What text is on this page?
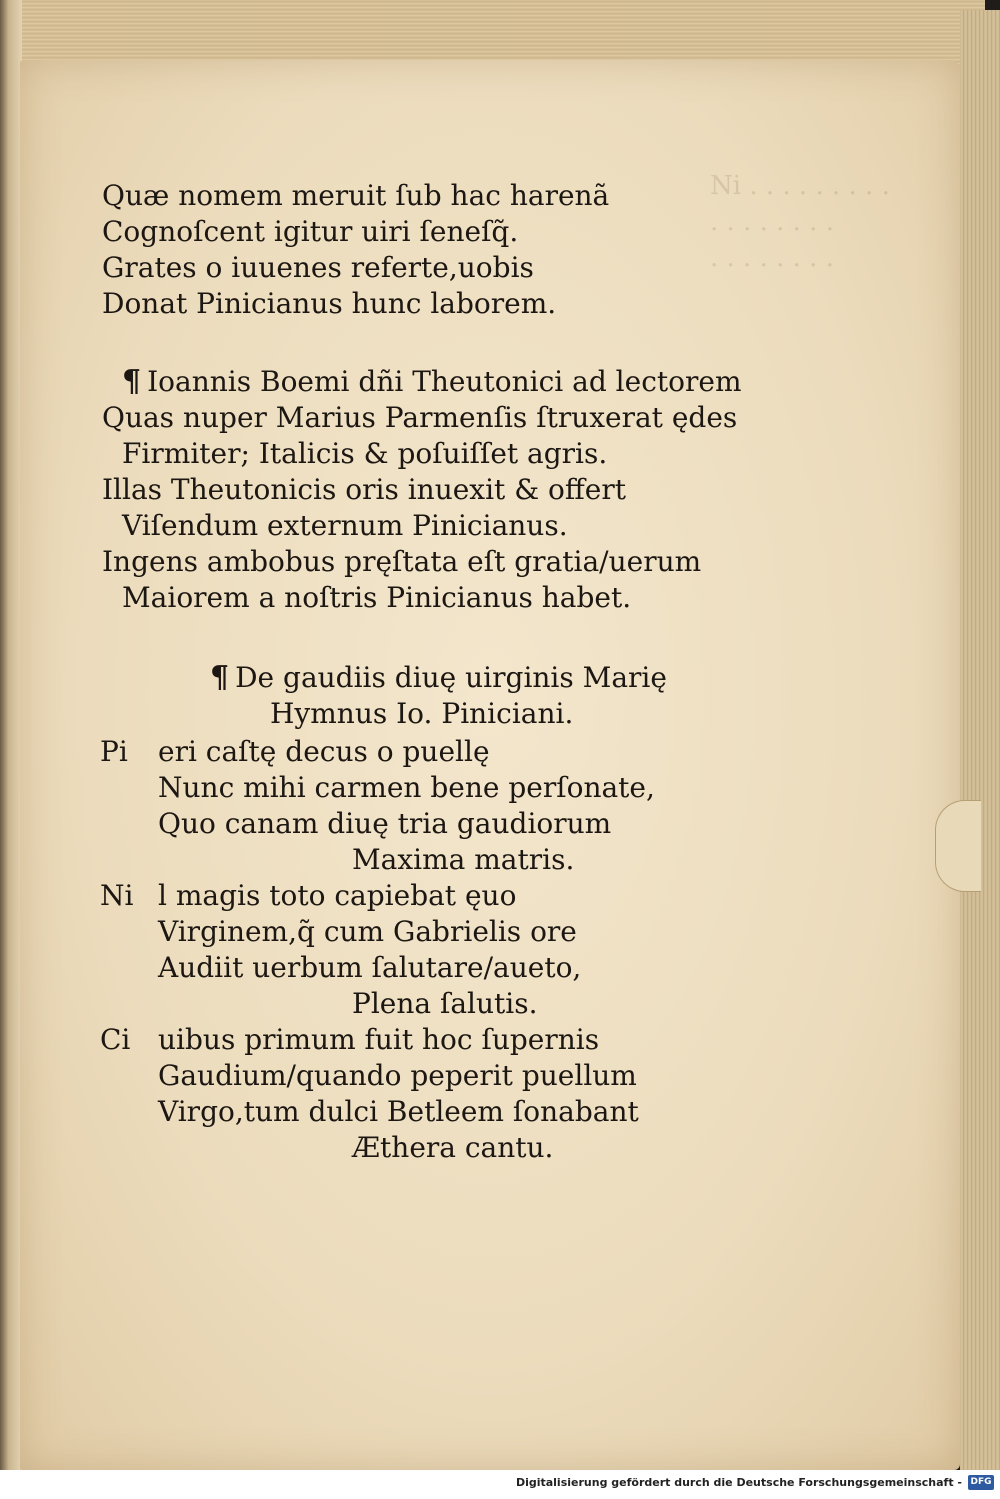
Ni . . . . . . . . .
. . . . . . . .
. . . . . . . .
Quæ nomem meruit ſub hac harenã
Cognoſcent igitur uiri ſeneſq̃.
Grates o iuuenes referte,uobis
Donat Pinicianus hunc laborem.
¶ Ioannis Boemi dñi Theutonici ad lectorem
Quas nuper Marius Parmenſis ſtruxerat ędes
Firmiter; Italicis & poſuiſſet agris.
Illas Theutonicis oris inuexit & offert
Viſendum externum Pinicianus.
Ingens ambobus pręſtata eſt gratia/uerum
Maiorem a noſtris Pinicianus habet.
¶ De gaudiis diuę uirginis Marię
Hymnus Io. Piniciani.
Pi eri caſtę decus o puellę
Nunc mihi carmen bene perſonate,
Quo canam diuę tria gaudiorum
Maxima matris.
Ni l magis toto capiebat ęuo
Virginem,q̃ cum Gabrielis ore
Audiit uerbum ſalutare/aueto,
Plena ſalutis.
Ci uibus primum fuit hoc ſupernis
Gaudium/quando peperit puellum
Virgo,tum dulci Betleem ſonabant
Æthera cantu.
Digitalisierung gefördert durch die Deutsche Forschungsgemeinschaft - DFG
